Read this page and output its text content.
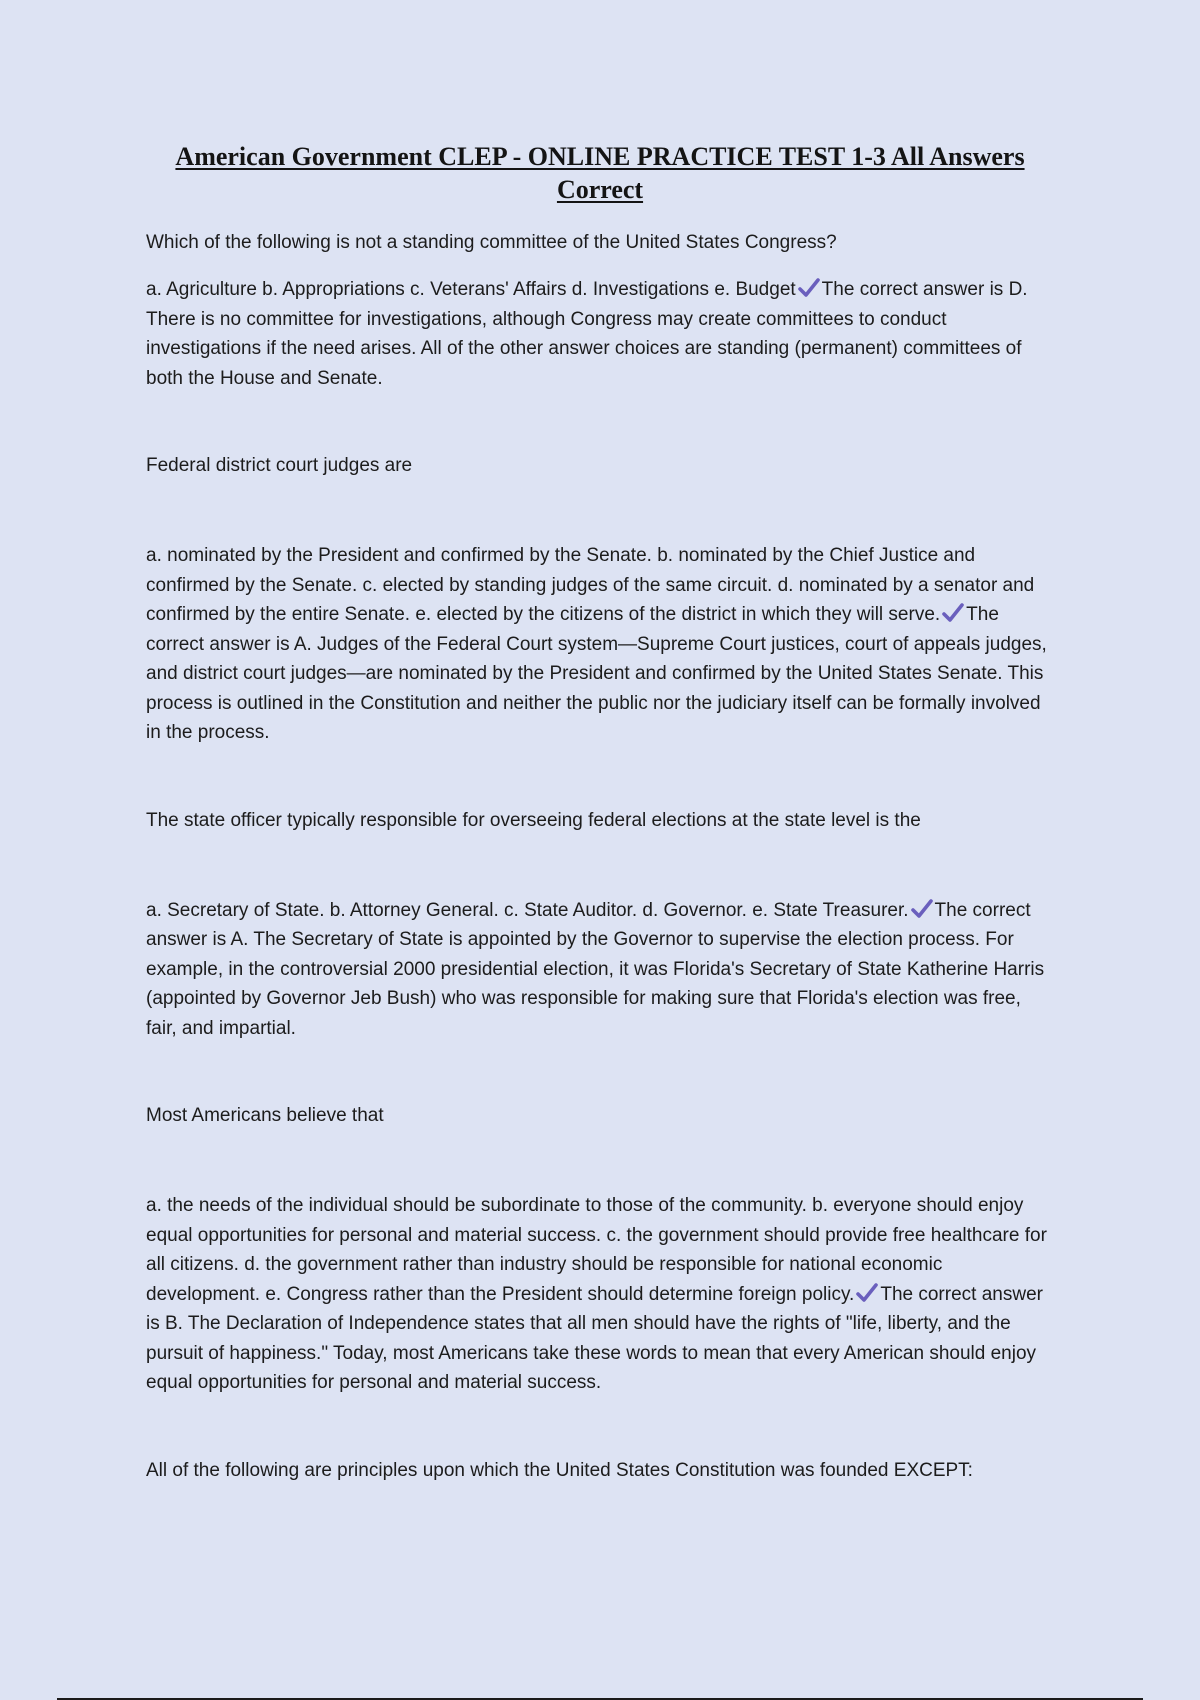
American Government CLEP - ONLINE PRACTICE TEST 1-3 All Answers
Correct

Which of the following is not a standing committee of the United States Congress?

a. Agriculture b. Appropriations c. Veterans' Affairs d. Investigations e. Budget The correct answer is D. There is no committee for investigations, although Congress may create committees to conduct investigations if the need arises. All of the other answer choices are standing (permanent) committees of both the House and Senate.

Federal district court judges are

a. nominated by the President and confirmed by the Senate. b. nominated by the Chief Justice and confirmed by the Senate. c. elected by standing judges of the same circuit. d. nominated by a senator and confirmed by the entire Senate. e. elected by the citizens of the district in which they will serve. The correct answer is A. Judges of the Federal Court system—Supreme Court justices, court of appeals judges, and district court judges—are nominated by the President and confirmed by the United States Senate. This process is outlined in the Constitution and neither the public nor the judiciary itself can be formally involved in the process.

The state officer typically responsible for overseeing federal elections at the state level is the

a. Secretary of State. b. Attorney General. c. State Auditor. d. Governor. e. State Treasurer. The correct answer is A. The Secretary of State is appointed by the Governor to supervise the election process. For example, in the controversial 2000 presidential election, it was Florida's Secretary of State Katherine Harris (appointed by Governor Jeb Bush) who was responsible for making sure that Florida's election was free, fair, and impartial.

Most Americans believe that

a. the needs of the individual should be subordinate to those of the community. b. everyone should enjoy equal opportunities for personal and material success. c. the government should provide free healthcare for all citizens. d. the government rather than industry should be responsible for national economic development. e. Congress rather than the President should determine foreign policy. The correct answer is B. The Declaration of Independence states that all men should have the rights of "life, liberty, and the pursuit of happiness." Today, most Americans take these words to mean that every American should enjoy equal opportunities for personal and material success.

All of the following are principles upon which the United States Constitution was founded EXCEPT:
